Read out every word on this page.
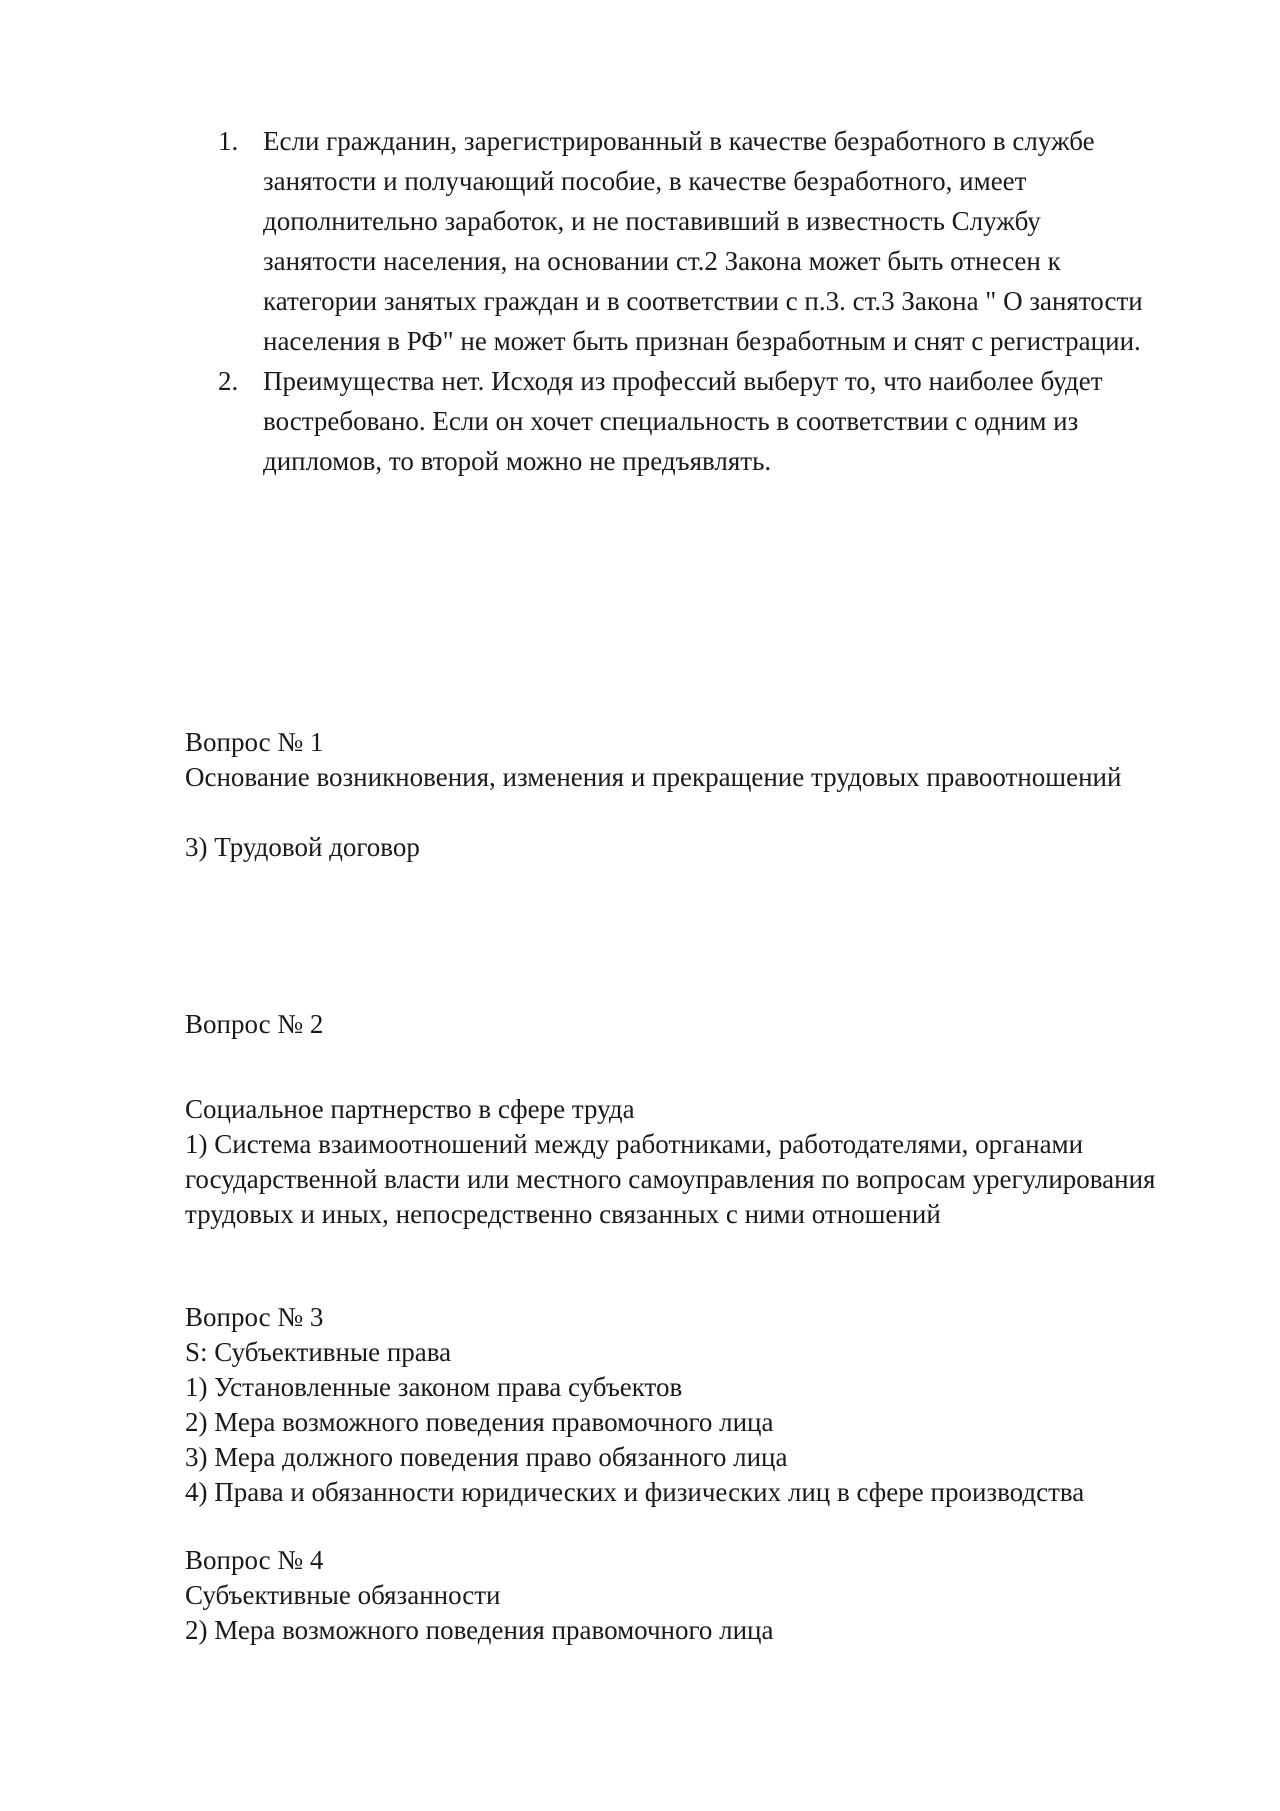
1. Если гражданин, зарегистрированный в качестве безработного в службе занятости и получающий пособие, в качестве безработного, имеет дополнительно заработок, и не поставивший в известность Службу занятости населения, на основании ст.2 Закона может быть отнесен к категории занятых граждан и в соответствии с п.3. ст.3 Закона " О занятости населения в РФ" не может быть признан безработным и снят с регистрации.
2. Преимущества нет. Исходя из профессий выберут то, что наиболее будет востребовано. Если он хочет специальность в соответствии с одним из дипломов, то второй можно не предъявлять.

Вопрос № 1

Основание возникновения, изменения и прекращение трудовых правоотношений

3) Трудовой договор

Вопрос № 2

Социальное партнерство в сфере труда

1) Система взаимоотношений между работниками, работодателями, органами государственной власти или местного самоуправления по вопросам урегулирования трудовых и иных, непосредственно связанных с ними отношений

Вопрос № 3

S: Субъективные права

1) Установленные законом права субъектов

2) Мера возможного поведения правомочного лица

3) Мера должного поведения право обязанного лица

4) Права и обязанности юридических и физических лиц в сфере производства

Вопрос № 4

Субъективные обязанности

2) Мера возможного поведения правомочного лица
